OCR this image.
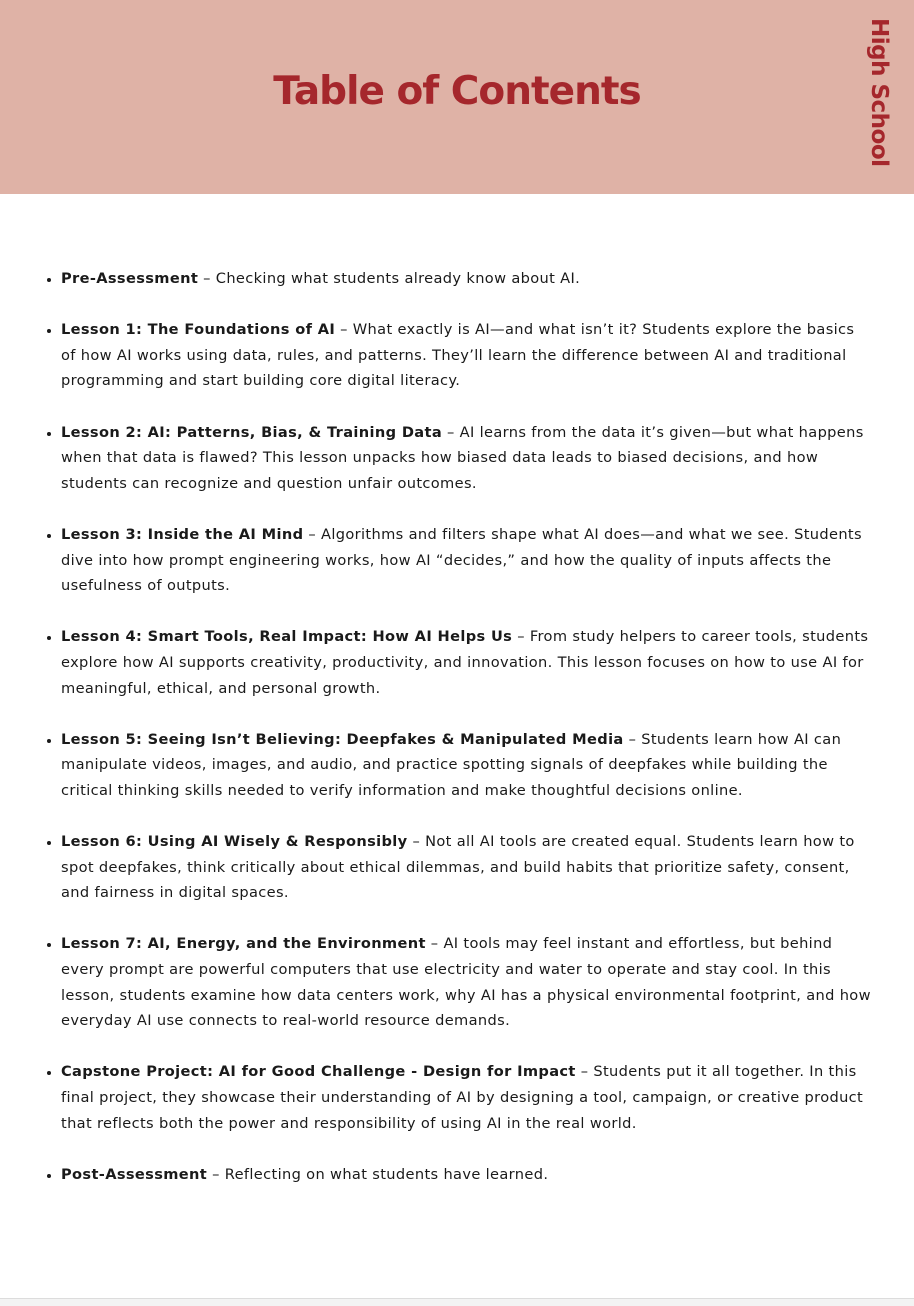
Table of Contents	High School
• Pre-Assessment – Checking what students already know about AI.
• Lesson 1: The Foundations of AI – What exactly is AI—and what isn’t it? Students explore the basics of how AI works using data, rules, and patterns. They’ll learn the difference between AI and traditional programming and start building core digital literacy.
• Lesson 2: AI: Patterns, Bias, & Training Data – AI learns from the data it’s given—but what happens when that data is flawed? This lesson unpacks how biased data leads to biased decisions, and how students can recognize and question unfair outcomes.
• Lesson 3: Inside the AI Mind – Algorithms and filters shape what AI does—and what we see. Students dive into how prompt engineering works, how AI “decides,” and how the quality of inputs affects the usefulness of outputs.
• Lesson 4: Smart Tools, Real Impact: How AI Helps Us – From study helpers to career tools, students explore how AI supports creativity, productivity, and innovation. This lesson focuses on how to use AI for meaningful, ethical, and personal growth.
• Lesson 5: Seeing Isn’t Believing: Deepfakes & Manipulated Media – Students learn how AI can manipulate videos, images, and audio, and practice spotting signals of deepfakes while building the critical thinking skills needed to verify information and make thoughtful decisions online.
• Lesson 6: Using AI Wisely & Responsibly – Not all AI tools are created equal. Students learn how to spot deepfakes, think critically about ethical dilemmas, and build habits that prioritize safety, consent, and fairness in digital spaces.
• Lesson 7: AI, Energy, and the Environment – AI tools may feel instant and effortless, but behind every prompt are powerful computers that use electricity and water to operate and stay cool. In this lesson, students examine how data centers work, why AI has a physical environmental footprint, and how everyday AI use connects to real-world resource demands.
• Capstone Project: AI for Good Challenge - Design for Impact – Students put it all together. In this final project, they showcase their understanding of AI by designing a tool, campaign, or creative product that reflects both the power and responsibility of using AI in the real world.
• Post-Assessment – Reflecting on what students have learned.
